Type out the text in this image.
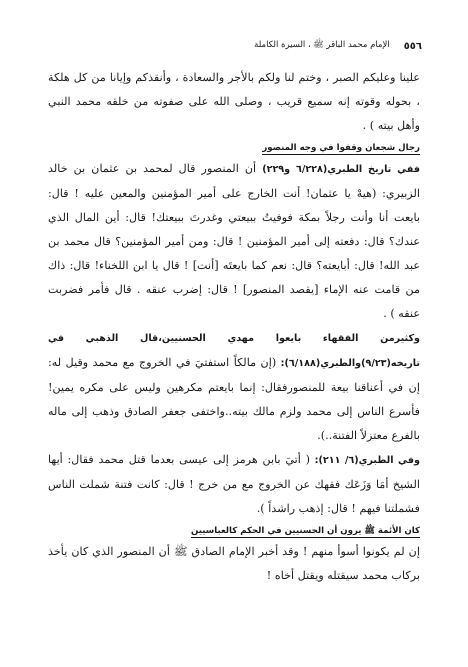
٥٥٦
الإمام محمد الباقر ﷺ ، السيرة الكاملة

علينا وعليكم الصبر ، وختم لنا ولكم بالأجر والسعادة ، وأنقذكم وإيانا من كل هلكة ، بحوله وقوته إنه سميع قريب ، وصلى الله على صفوته من خلقه محمد النبي وأهل بيته ) .

رجال شجعان وقفوا في وجه المنصور

ففي تاريخ الطبري(٦/٢٢٨ و٢٢٩) أن المنصور قال لمحمد بن عثمان بن خالد الزبيري: (هيهْ يا عثمان! أنت الخارج على أمير المؤمنين والمعين عليه ! قال: بايعت أنا وأنت رجلاً بمكة فوفيتُ ببيعتي وغدرتَ ببيعتك! قال: أين المال الذي عندك؟ قال: دفعته إلى أمير المؤمنين ! قال: ومن أمير المؤمنين؟ قال محمد بن عبد الله! قال: أبايعته؟ قال: نعم كما بايعتَه [أنت] ! قال يا ابن اللخناء! قال: ذاك من قامت عنه الإماء [يقصد المنصور] ! قال: إضرب عنقه . قال فأمر فضربت عنقه ) .

وكثيرمن الفقهاء بايعوا مهدي الحسنيين،قال الذهبي في تاريخه(٩/٢٣)والطبري(٦/١٨٨): (إن مالكاً استفتيَ في الخروج مع محمد وقيل له: إن في أعناقنا بيعة للمنصورفقال: إنما بايعتم مكرهين وليس على مكره يمين! فأسرع الناس إلى محمد ولزم مالك بيته..واختفى جعفر الصادق وذهب إلى ماله بالفرع معتزلاً الفتنة..).

وفي الطبري(٦/ ٢١١): ( أتيَ بابن هرمز إلى عيسى بعدما قتل محمد فقال: أيها الشيخ أمَا وَزَعَك فقهك عن الخروج مع من خرج ! قال: كانت فتنة شملت الناس فشملتنا فيهم ! قال: إذهب راشداً ).

كان الأئمة ﷺ يرون أن الحسنيين في الحكم كالعباسيين

إن لم يكونوا أسوأ منهم ! وقد أخبر الإمام الصادق ﷺ أن المنصور الذي كان يأخذ بركاب محمد سيقتله ويقتل أخاه !
